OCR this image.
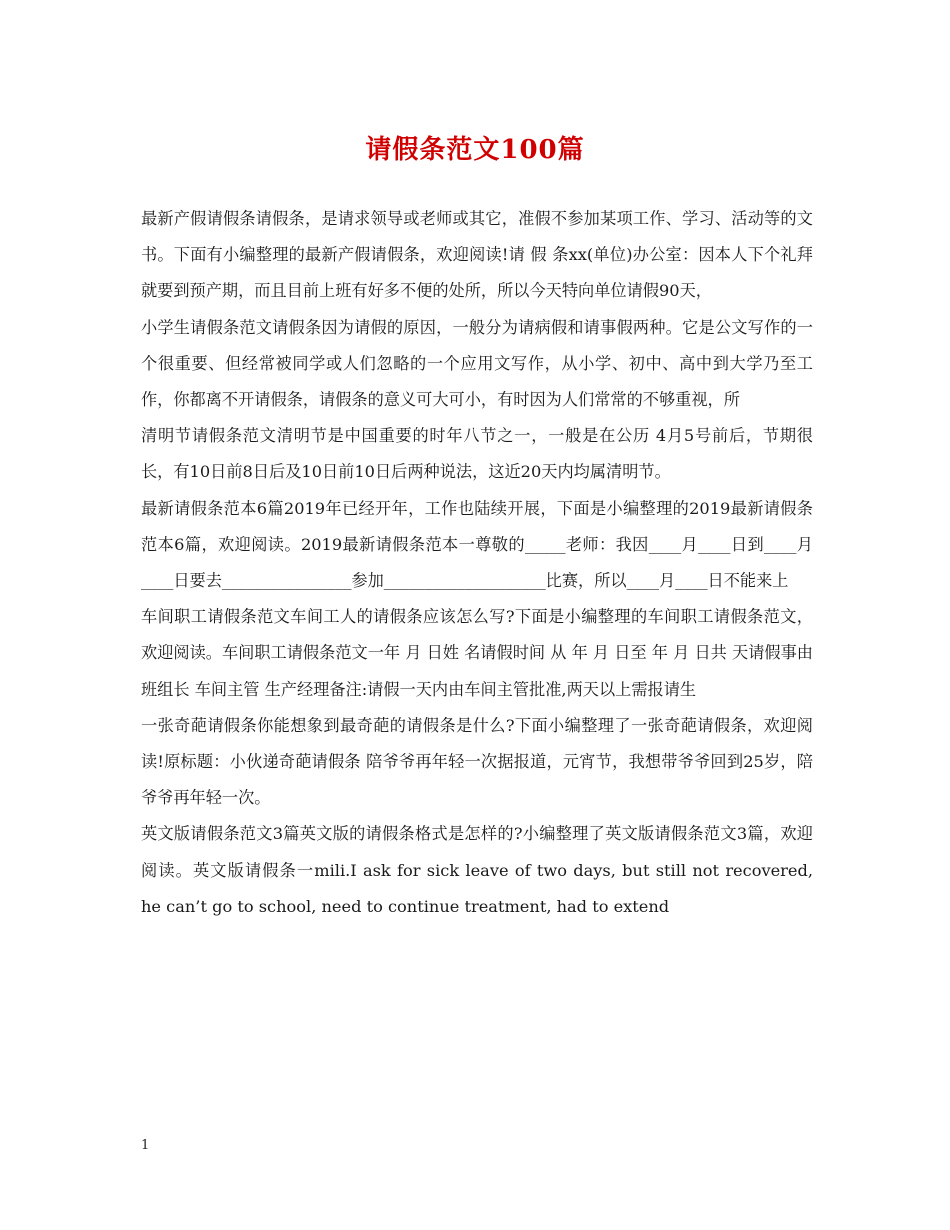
请假条范文100篇

最新产假请假条请假条，是请求领导或老师或其它，准假不参加某项工作、学习、活动等的文书。下面有小编整理的最新产假请假条，欢迎阅读!请 假 条xx(单位)办公室：因本人下个礼拜就要到预产期，而且目前上班有好多不便的处所，所以今天特向单位请假90天，

小学生请假条范文请假条因为请假的原因，一般分为请病假和请事假两种。它是公文写作的一个很重要、但经常被同学或人们忽略的一个应用文写作，从小学、初中、高中到大学乃至工作，你都离不开请假条，请假条的意义可大可小，有时因为人们常常的不够重视，所

清明节请假条范文清明节是中国重要的时年八节之一，一般是在公历 4月5号前后，节期很长，有10日前8日后及10日前10日后两种说法，这近20天内均属清明节。

最新请假条范本6篇2019年已经开年，工作也陆续开展，下面是小编整理的2019最新请假条范本6篇，欢迎阅读。2019最新请假条范本一尊敬的_____老师：我因____月____日到____月____日要去________________参加____________________比赛，所以____月____日不能来上

车间职工请假条范文车间工人的请假条应该怎么写?下面是小编整理的车间职工请假条范文，欢迎阅读。车间职工请假条范文一年 月 日姓 名请假时间 从 年 月 日至 年 月 日共 天请假事由班组长 车间主管 生产经理备注:请假一天内由车间主管批准,两天以上需报请生

一张奇葩请假条你能想象到最奇葩的请假条是什么?下面小编整理了一张奇葩请假条，欢迎阅读!原标题：小伙递奇葩请假条 陪爷爷再年轻一次据报道，元宵节，我想带爷爷回到25岁，陪爷爷再年轻一次。

英文版请假条范文3篇英文版的请假条格式是怎样的?小编整理了英文版请假条范文3篇，欢迎阅读。英文版请假条一mili.I ask for sick leave of two days, but still not recovered, he can’t go to school, need to continue treatment, had to extend

1
